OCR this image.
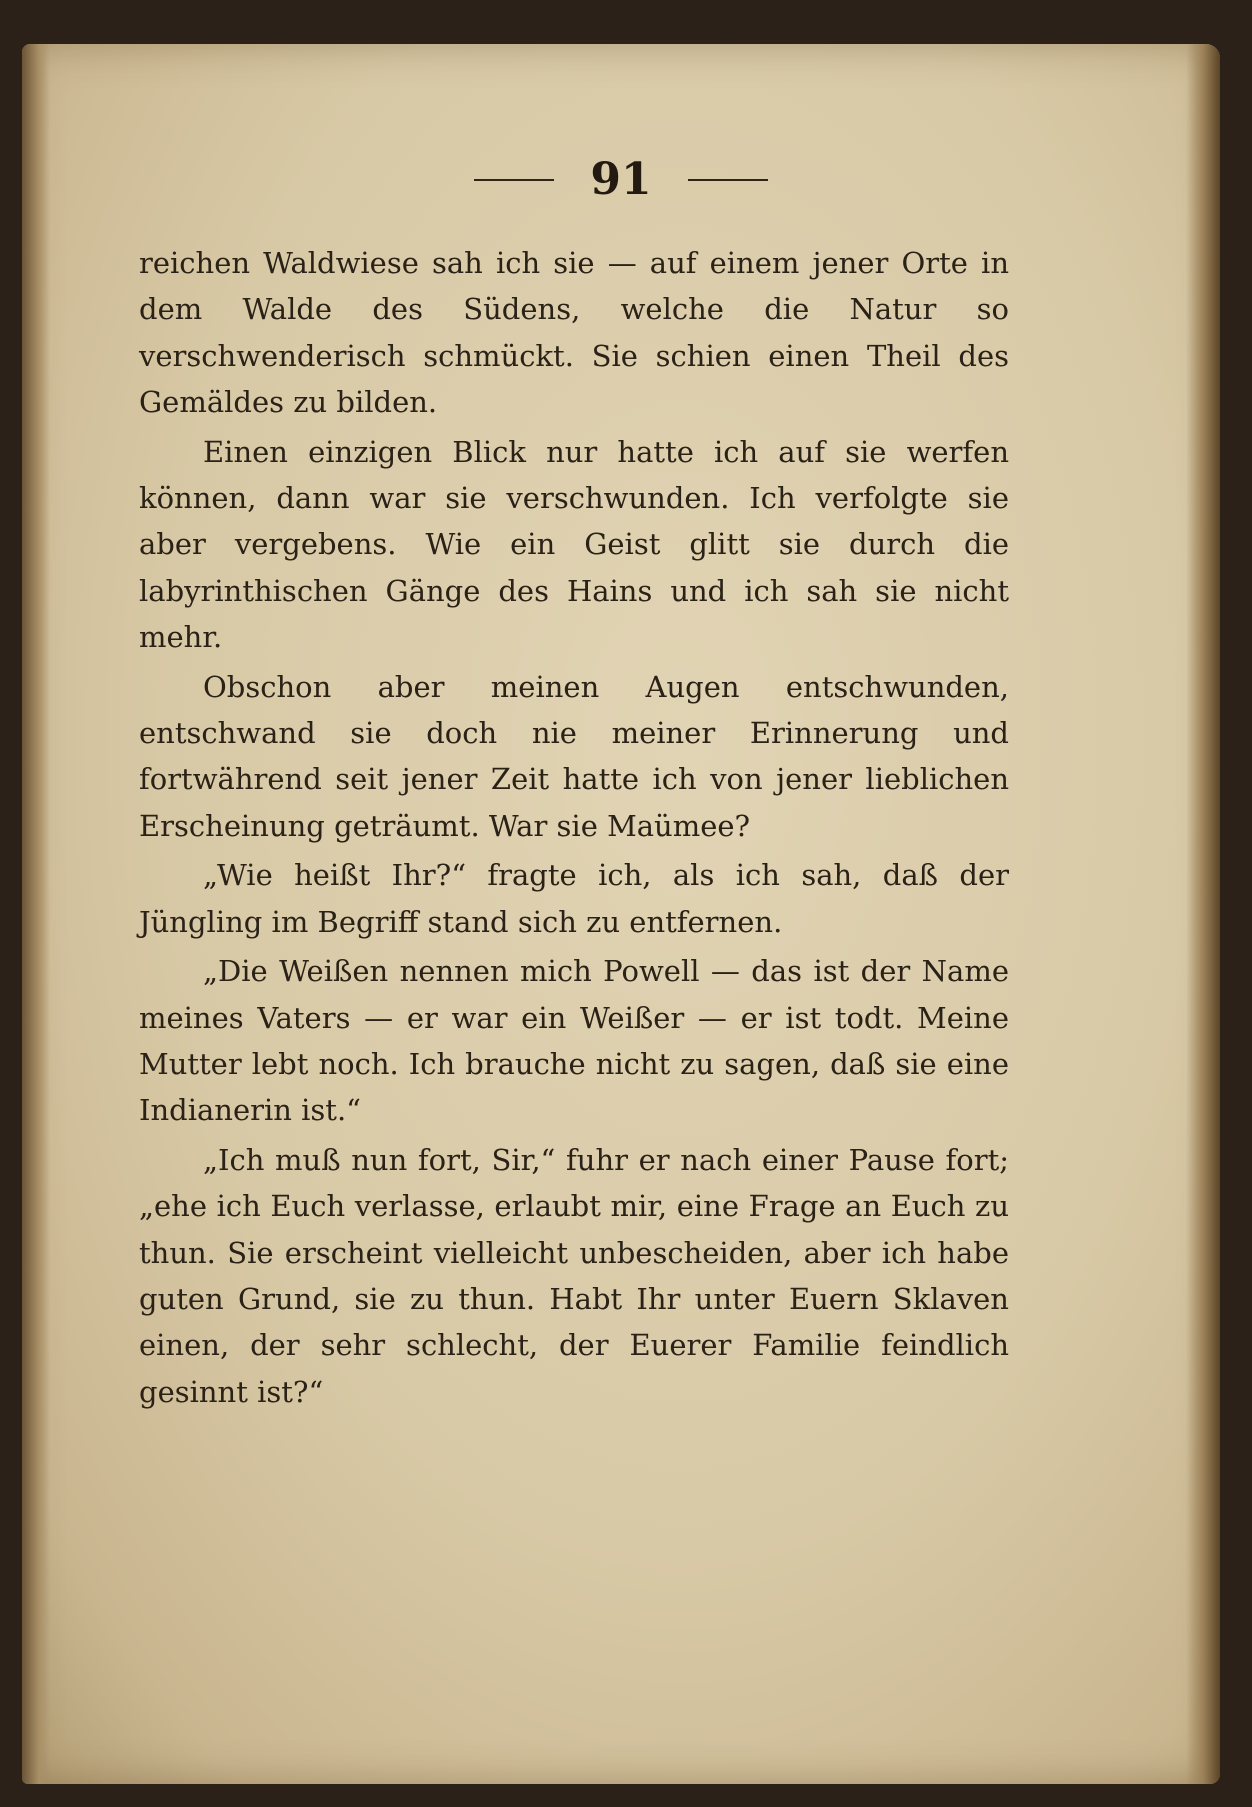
91

reichen Waldwiese sah ich sie — auf einem jener Orte in dem Walde des Südens, welche die Natur so verschwenderisch schmückt. Sie schien einen Theil des Gemäldes zu bilden.

Einen einzigen Blick nur hatte ich auf sie werfen können, dann war sie verschwunden. Ich verfolgte sie aber vergebens. Wie ein Geist glitt sie durch die labyrinthischen Gänge des Hains und ich sah sie nicht mehr.

Obschon aber meinen Augen entschwunden, entschwand sie doch nie meiner Erinnerung und fortwährend seit jener Zeit hatte ich von jener lieblichen Erscheinung geträumt. War sie Maümee?

„Wie heißt Ihr?“ fragte ich, als ich sah, daß der Jüngling im Begriff stand sich zu entfernen.

„Die Weißen nennen mich Powell — das ist der Name meines Vaters — er war ein Weißer — er ist todt. Meine Mutter lebt noch. Ich brauche nicht zu sagen, daß sie eine Indianerin ist.“

„Ich muß nun fort, Sir,“ fuhr er nach einer Pause fort; „ehe ich Euch verlasse, erlaubt mir, eine Frage an Euch zu thun. Sie erscheint vielleicht unbescheiden, aber ich habe guten Grund, sie zu thun. Habt Ihr unter Euern Sklaven einen, der sehr schlecht, der Euerer Familie feindlich gesinnt ist?“
